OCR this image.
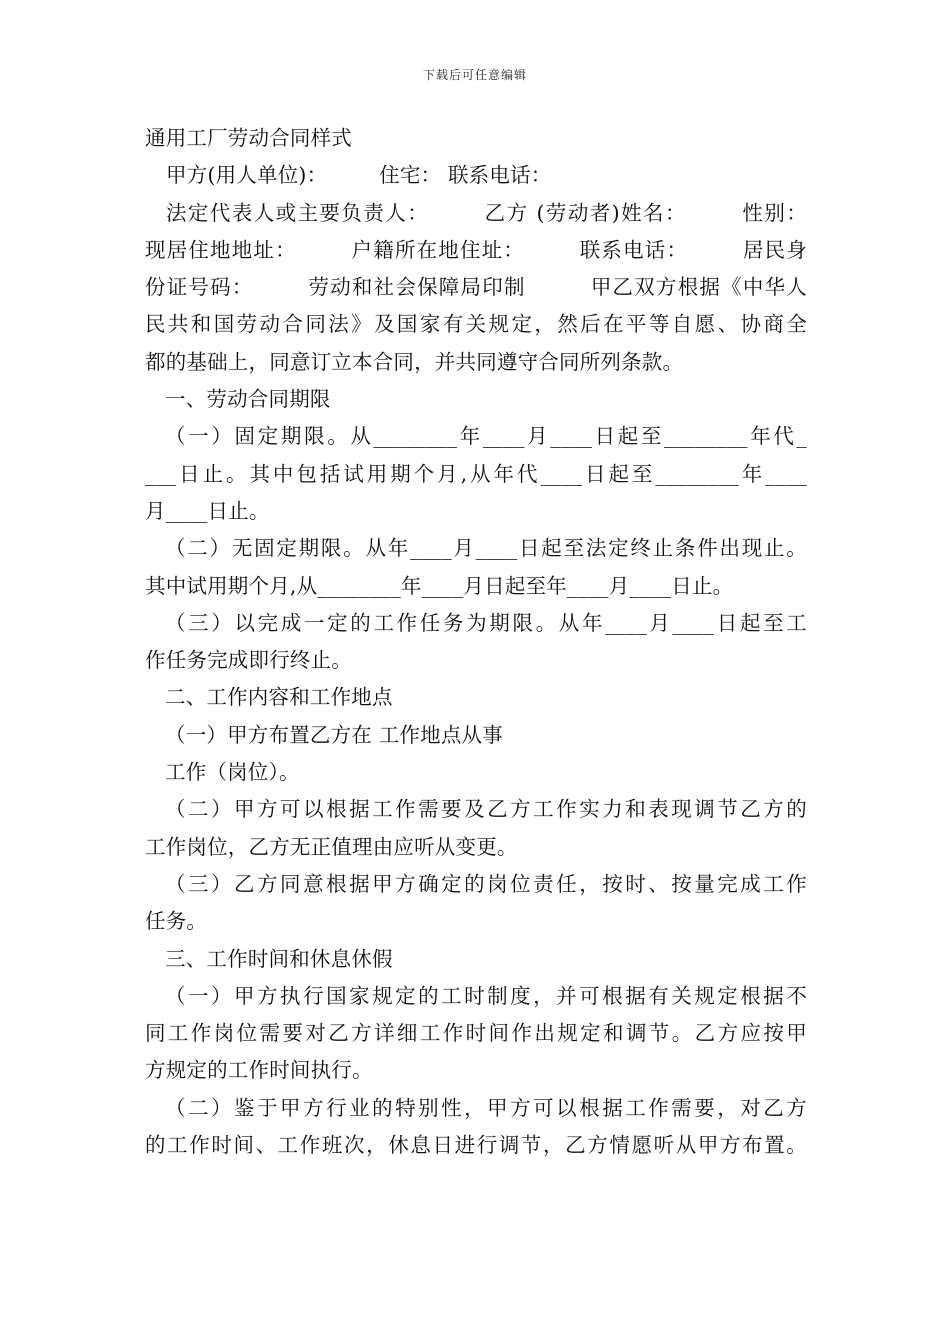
下载后可任意编辑
通用工厂劳动合同样式
甲方(用人单位)：　　　住宅： 联系电话：
法定代表人或主要负责人：　　　乙方 (劳动者)姓名：　　　性别：
现居住地地址：　　　户籍所在地住址：　　　联系电话：　　　居民身
份证号码：　　　劳动和社会保障局印制　　　甲乙双方根据《中华人
民共和国劳动合同法》及国家有关规定，然后在平等自愿、协商全
都的基础上，同意订立本合同，并共同遵守合同所列条款。
一、劳动合同期限
（一）固定期限。从________年____月____日起至________年代_
___日止。其中包括试用期个月,从年代____日起至________年____
月____日止。
（二）无固定期限。从年____月____日起至法定终止条件出现止。
其中试用期个月,从________年____月日起至年____月____日止。
（三）以完成一定的工作任务为期限。从年____月____日起至工
作任务完成即行终止。
二、工作内容和工作地点
（一）甲方布置乙方在 工作地点从事
工作（岗位）。
（二）甲方可以根据工作需要及乙方工作实力和表现调节乙方的
工作岗位，乙方无正值理由应听从变更。
（三）乙方同意根据甲方确定的岗位责任，按时、按量完成工作
任务。
三、工作时间和休息休假
（一）甲方执行国家规定的工时制度，并可根据有关规定根据不
同工作岗位需要对乙方详细工作时间作出规定和调节。乙方应按甲
方规定的工作时间执行。
（二）鉴于甲方行业的特别性，甲方可以根据工作需要，对乙方
的工作时间、工作班次，休息日进行调节，乙方情愿听从甲方布置。
